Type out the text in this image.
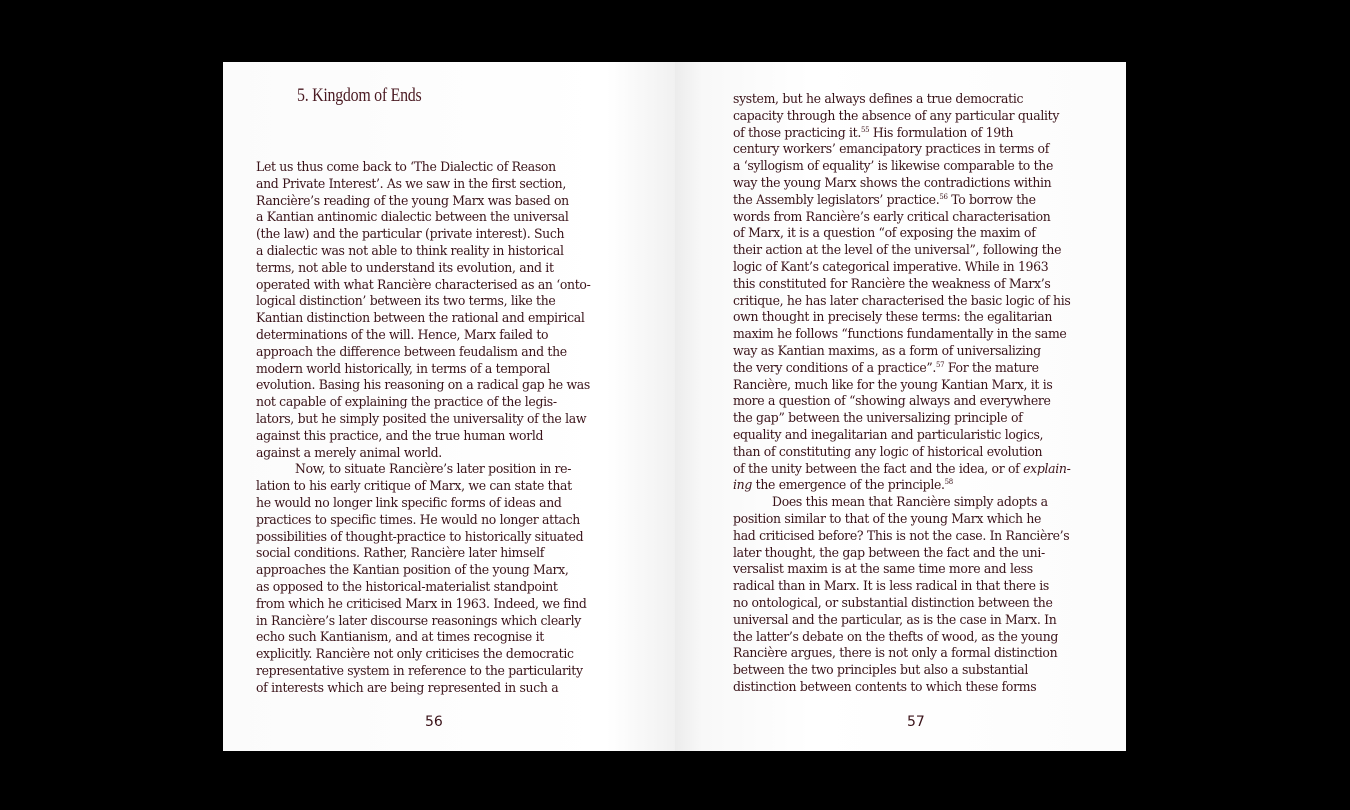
5. Kingdom of Ends
Let us thus come back to ‘The Dialectic of Reason
and Private Interest’. As we saw in the first section,
Rancière’s reading of the young Marx was based on
a Kantian antinomic dialectic between the universal
(the law) and the particular (private interest). Such
a dialectic was not able to think reality in historical
terms, not able to understand its evolution, and it
operated with what Rancière characterised as an ‘onto-
logical distinction’ between its two terms, like the
Kantian distinction between the rational and empirical
determinations of the will. Hence, Marx failed to
approach the difference between feudalism and the
modern world historically, in terms of a temporal
evolution. Basing his reasoning on a radical gap he was
not capable of explaining the practice of the legis-
lators, but he simply posited the universality of the law
against this practice, and the true human world
against a merely animal world.
Now, to situate Rancière’s later position in re-
lation to his early critique of Marx, we can state that
he would no longer link specific forms of ideas and
practices to specific times. He would no longer attach
possibilities of thought-practice to historically situated
social conditions. Rather, Rancière later himself
approaches the Kantian position of the young Marx,
as opposed to the historical-materialist standpoint
from which he criticised Marx in 1963. Indeed, we find
in Rancière’s later discourse reasonings which clearly
echo such Kantianism, and at times recognise it
explicitly. Rancière not only criticises the democratic
representative system in reference to the particularity
of interests which are being represented in such a
56
system, but he always defines a true democratic
capacity through the absence of any particular quality
of those practicing it.$^{55}$ His formulation of 19th
century workers’ emancipatory practices in terms of
a ‘syllogism of equality’ is likewise comparable to the
way the young Marx shows the contradictions within
the Assembly legislators’ practice.$^{56}$ To borrow the
words from Rancière’s early critical characterisation
of Marx, it is a question “of exposing the maxim of
their action at the level of the universal”, following the
logic of Kant’s categorical imperative. While in 1963
this constituted for Rancière the weakness of Marx’s
critique, he has later characterised the basic logic of his
own thought in precisely these terms: the egalitarian
maxim he follows “functions fundamentally in the same
way as Kantian maxims, as a form of universalizing
the very conditions of a practice”.$^{57}$ For the mature
Rancière, much like for the young Kantian Marx, it is
more a question of “showing always and everywhere
the gap” between the universalizing principle of
equality and inegalitarian and particularistic logics,
than of constituting any logic of historical evolution
of the unity between the fact and the idea, or of explain-
ing the emergence of the principle.$^{58}$
Does this mean that Rancière simply adopts a
position similar to that of the young Marx which he
had criticised before? This is not the case. In Rancière’s
later thought, the gap between the fact and the uni-
versalist maxim is at the same time more and less
radical than in Marx. It is less radical in that there is
no ontological, or substantial distinction between the
universal and the particular, as is the case in Marx. In
the latter’s debate on the thefts of wood, as the young
Rancière argues, there is not only a formal distinction
between the two principles but also a substantial
distinction between contents to which these forms
57
